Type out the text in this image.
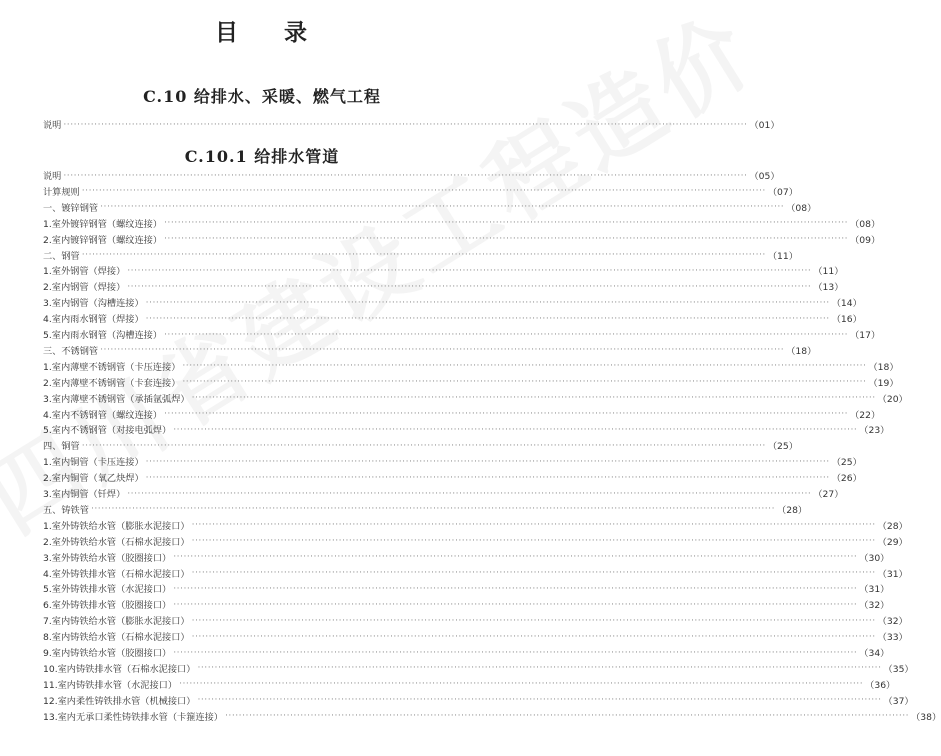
目 录
C.10 给排水、采暖、燃气工程
说明 ········································································································································································································ （01）
C.10.1 给排水管道
说明 ········································································································································································································ （05）
计算规则 ········································································································································································································ （07）
一、镀锌钢管 ········································································································································································································ （08）
1.室外镀锌钢管（螺纹连接） ········································································································································································································ （08）
2.室内镀锌钢管（螺纹连接） ········································································································································································································ （09）
二、钢管 ········································································································································································································ （11）
1.室外钢管（焊接） ········································································································································································································ （11）
2.室内钢管（焊接） ········································································································································································································ （13）
3.室内钢管（沟槽连接） ········································································································································································································ （14）
4.室内雨水钢管（焊接） ········································································································································································································ （16）
5.室内雨水钢管（沟槽连接） ········································································································································································································ （17）
三、不锈钢管 ········································································································································································································ （18）
1.室内薄壁不锈钢管（卡压连接） ········································································································································································································ （18）
2.室内薄壁不锈钢管（卡套连接） ········································································································································································································ （19）
3.室内薄壁不锈钢管（承插氩弧焊） ········································································································································································································ （20）
4.室内不锈钢管（螺纹连接） ········································································································································································································ （22）
5.室内不锈钢管（对接电弧焊） ········································································································································································································ （23）
四、铜管 ········································································································································································································ （25）
1.室内铜管（卡压连接） ········································································································································································································ （25）
2.室内铜管（氧乙炔焊） ········································································································································································································ （26）
3.室内铜管（钎焊） ········································································································································································································ （27）
五、铸铁管 ········································································································································································································ （28）
1.室外铸铁给水管（膨胀水泥接口） ········································································································································································································ （28）
2.室外铸铁给水管（石棉水泥接口） ········································································································································································································ （29）
3.室外铸铁给水管（胶圈接口） ········································································································································································································ （30）
4.室外铸铁排水管（石棉水泥接口） ········································································································································································································ （31）
5.室外铸铁排水管（水泥接口） ········································································································································································································ （31）
6.室外铸铁排水管（胶圈接口） ········································································································································································································ （32）
7.室内铸铁给水管（膨胀水泥接口） ········································································································································································································ （32）
8.室内铸铁给水管（石棉水泥接口） ········································································································································································································ （33）
9.室内铸铁给水管（胶圈接口） ········································································································································································································ （34）
10.室内铸铁排水管（石棉水泥接口） ········································································································································································································ （35）
11.室内铸铁排水管（水泥接口） ········································································································································································································ （36）
12.室内柔性铸铁排水管（机械接口） ········································································································································································································ （37）
13.室内无承口柔性铸铁排水管（卡箍连接） ········································································································································································································ （38）
